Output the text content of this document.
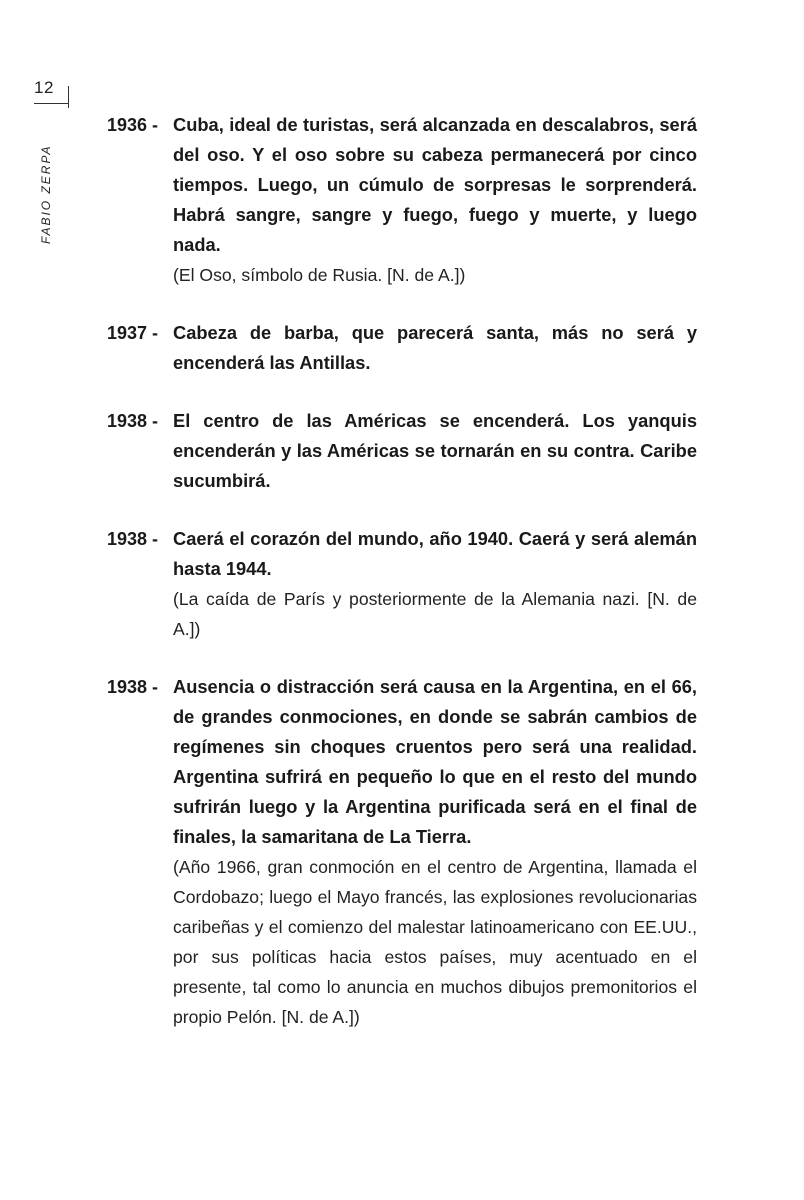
12
FABIO ZERPA
1936 - Cuba, ideal de turistas, será alcanzada en descalabros, será del oso. Y el oso sobre su cabeza permanecerá por cinco tiempos. Luego, un cúmulo de sorpresas le sorprenderá. Habrá sangre, sangre y fuego, fuego y muerte, y luego nada.

(El Oso, símbolo de Rusia. [N. de A.])

1937 - Cabeza de barba, que parecerá santa, más no será y encenderá las Antillas.

1938 - El centro de las Américas se encenderá. Los yanquis encenderán y las Américas se tornarán en su contra. Caribe sucumbirá.

1938 - Caerá el corazón del mundo, año 1940. Caerá y será alemán hasta 1944.

(La caída de París y posteriormente de la Alemania nazi. [N. de A.])

1938 - Ausencia o distracción será causa en la Argentina, en el 66, de grandes conmociones, en donde se sabrán cambios de regímenes sin choques cruentos pero será una realidad. Argentina sufrirá en pequeño lo que en el resto del mundo sufrirán luego y la Argentina purificada será en el final de finales, la samaritana de La Tierra.

(Año 1966, gran conmoción en el centro de Argentina, llamada el Cordobazo; luego el Mayo francés, las explosiones revolucionarias caribeñas y el comienzo del malestar latinoamericano con EE.UU., por sus políticas hacia estos países, muy acentuado en el presente, tal como lo anuncia en muchos dibujos premonitorios el propio Pelón. [N. de A.])
